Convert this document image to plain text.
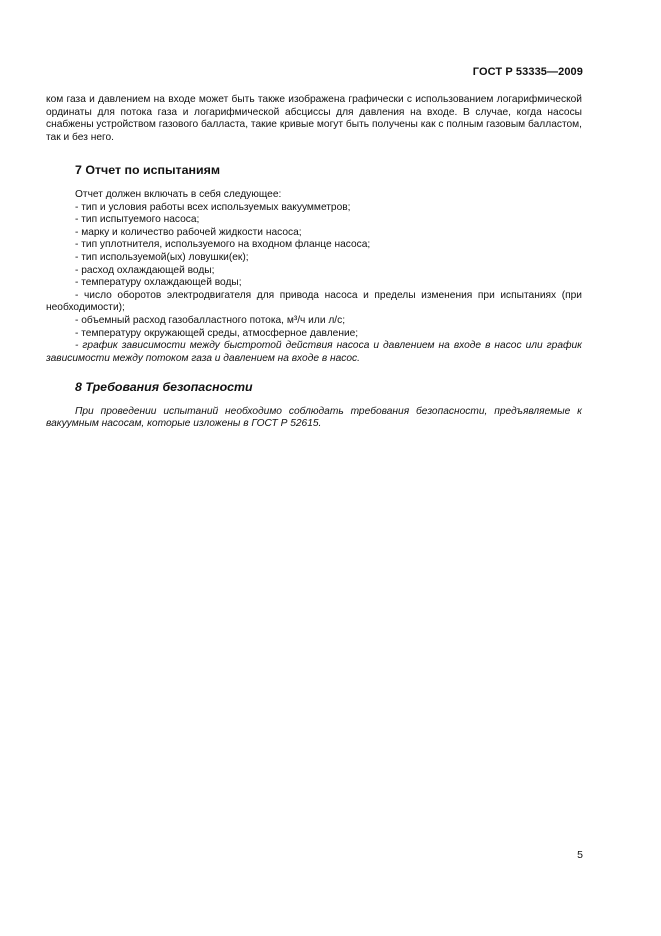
ГОСТ Р 53335—2009

ком газа и давлением на входе может быть также изображена графически с использованием логарифмической ординаты для потока газа и логарифмической абсциссы для давления на входе. В случае, когда насосы снабжены устройством газового балласта, такие кривые могут быть получены как с полным газовым балластом, так и без него.

7 Отчет по испытаниям

Отчет должен включать в себя следующее:

- тип и условия работы всех используемых вакуумметров;
- тип испытуемого насоса;
- марку и количество рабочей жидкости насоса;
- тип уплотнителя, используемого на входном фланце насоса;
- тип используемой(ых) ловушки(ек);
- расход охлаждающей воды;
- температуру охлаждающей воды;
- число оборотов электродвигателя для привода насоса и пределы изменения при испытаниях (при необходимости);
- объемный расход газобалластного потока, м³/ч или л/с;
- температуру окружающей среды, атмосферное давление;
- график зависимости между быстротой действия насоса и давлением на входе в насос или график зависимости между потоком газа и давлением на входе в насос.
8 Требования безопасности

При проведении испытаний необходимо соблюдать требования безопасности, предъявляемые к вакуумным насосам, которые изложены в ГОСТ Р 52615.

5
